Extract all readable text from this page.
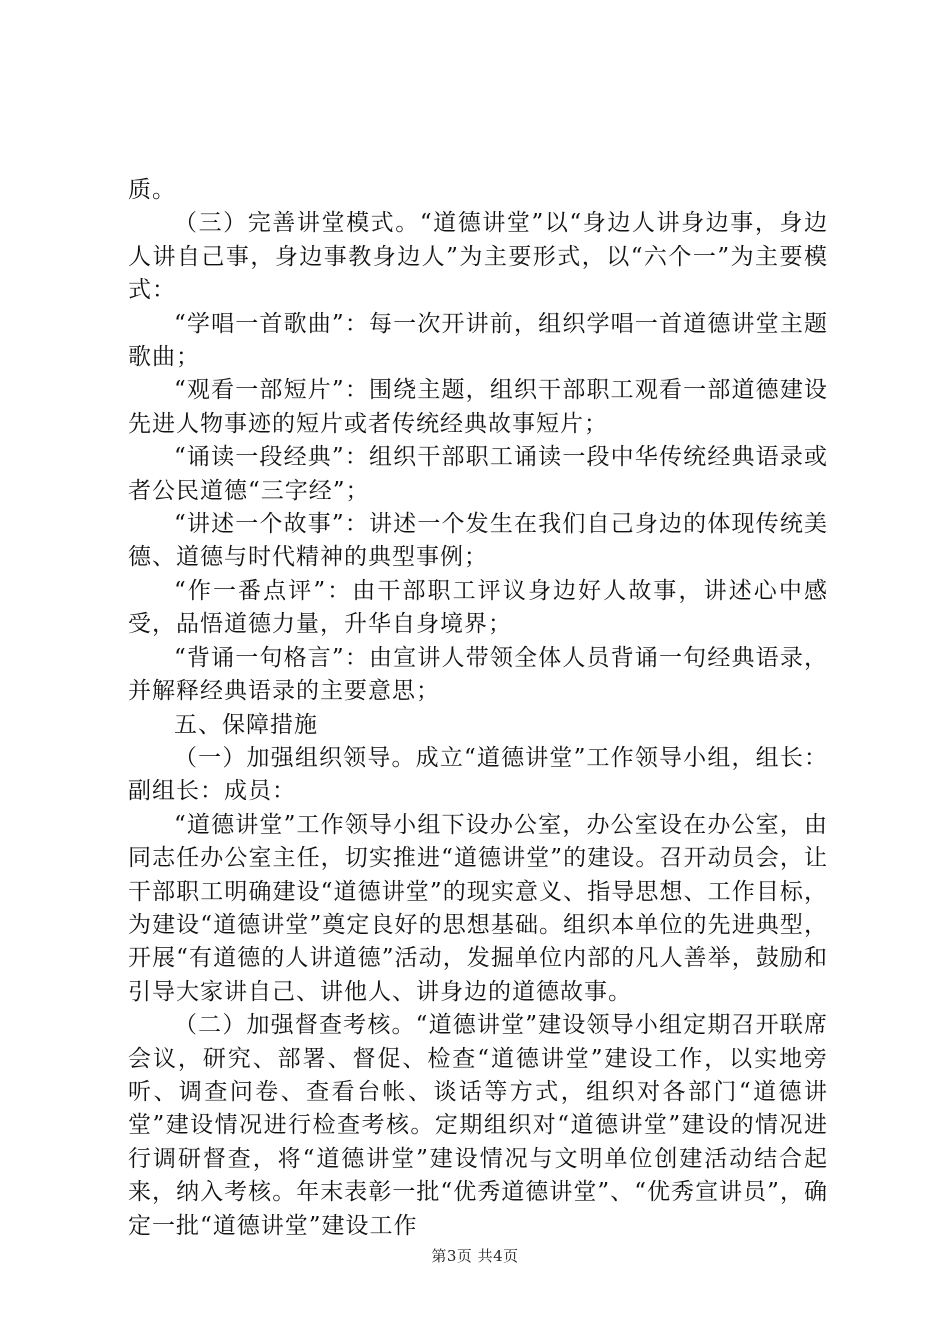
质。

（三）完善讲堂模式。“道德讲堂”以“身边人讲身边事，身边人讲自己事，身边事教身边人”为主要形式，以“六个一”为主要模式：

“学唱一首歌曲”：每一次开讲前，组织学唱一首道德讲堂主题歌曲；

“观看一部短片”：围绕主题，组织干部职工观看一部道德建设先进人物事迹的短片或者传统经典故事短片；

“诵读一段经典”：组织干部职工诵读一段中华传统经典语录或者公民道德“三字经”；

“讲述一个故事”：讲述一个发生在我们自己身边的体现传统美德、道德与时代精神的典型事例；

“作一番点评”：由干部职工评议身边好人故事，讲述心中感受，品悟道德力量，升华自身境界；

“背诵一句格言”：由宣讲人带领全体人员背诵一句经典语录，并解释经典语录的主要意思；

五、保障措施

（一）加强组织领导。成立“道德讲堂”工作领导小组，组长：副组长：成员：

“道德讲堂”工作领导小组下设办公室，办公室设在办公室，由同志任办公室主任，切实推进“道德讲堂”的建设。召开动员会，让干部职工明确建设“道德讲堂”的现实意义、指导思想、工作目标，为建设“道德讲堂”奠定良好的思想基础。组织本单位的先进典型，开展“有道德的人讲道德”活动，发掘单位内部的凡人善举，鼓励和引导大家讲自己、讲他人、讲身边的道德故事。

（二）加强督查考核。“道德讲堂”建设领导小组定期召开联席会议，研究、部署、督促、检查“道德讲堂”建设工作，以实地旁听、调查问卷、查看台帐、谈话等方式，组织对各部门“道德讲堂”建设情况进行检查考核。定期组织对“道德讲堂”建设的情况进行调研督查，将“道德讲堂”建设情况与文明单位创建活动结合起来，纳入考核。年末表彰一批“优秀道德讲堂”、“优秀宣讲员”，确定一批“道德讲堂”建设工作

第3页 共4页
